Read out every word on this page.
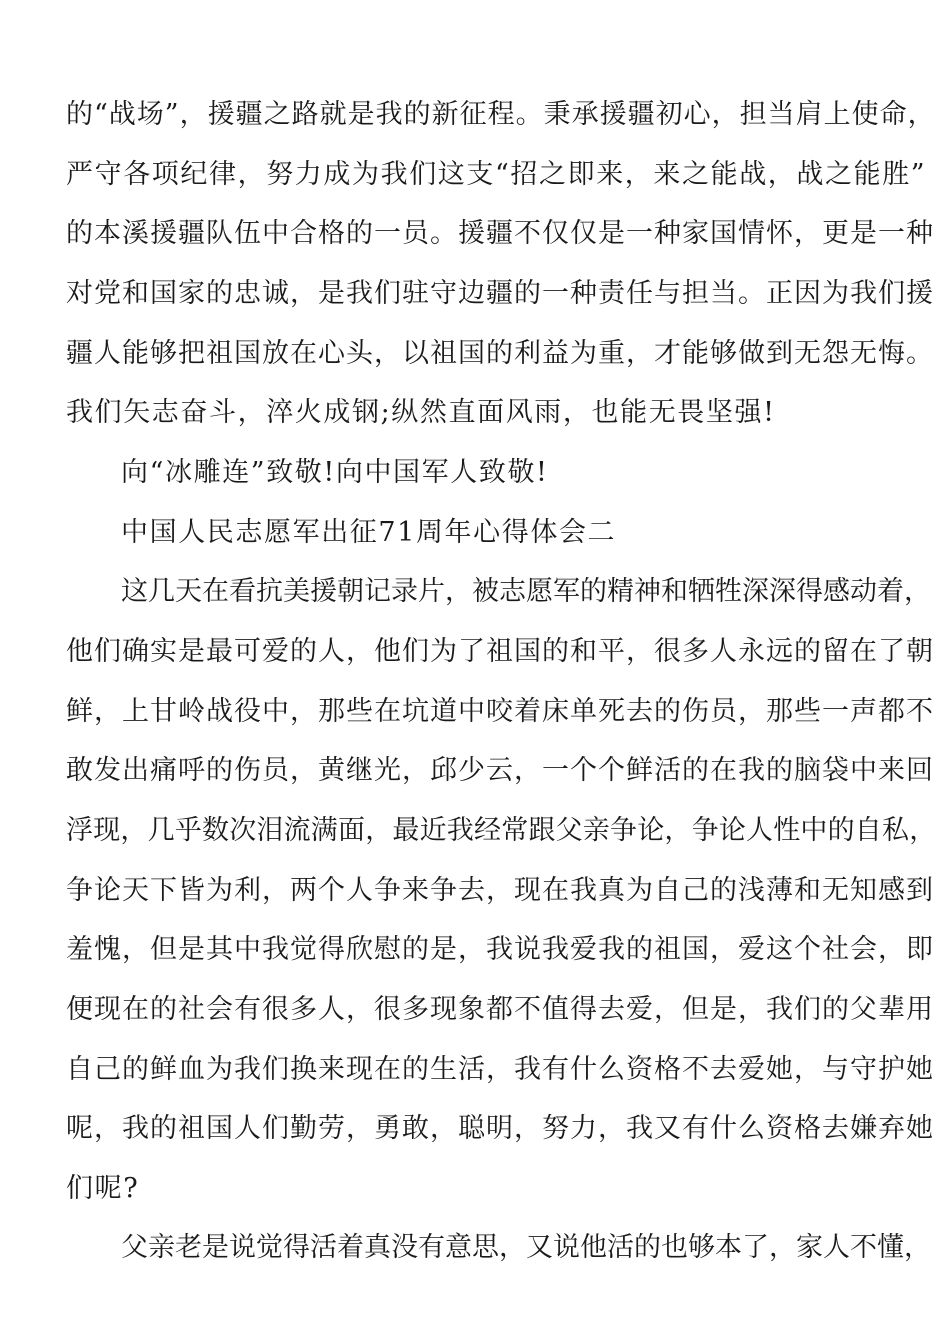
的“战场”，援疆之路就是我的新征程。秉承援疆初心，担当肩上使命，
严守各项纪律，努力成为我们这支“招之即来，来之能战，战之能胜”
的本溪援疆队伍中合格的一员。援疆不仅仅是一种家国情怀，更是一种
对党和国家的忠诚，是我们驻守边疆的一种责任与担当。正因为我们援
疆人能够把祖国放在心头，以祖国的利益为重，才能够做到无怨无悔。
我们矢志奋斗，淬火成钢;纵然直面风雨，也能无畏坚强!
向“冰雕连”致敬!向中国军人致敬!
中国人民志愿军出征71周年心得体会二
这几天在看抗美援朝记录片，被志愿军的精神和牺牲深深得感动着，
他们确实是最可爱的人，他们为了祖国的和平，很多人永远的留在了朝
鲜，上甘岭战役中，那些在坑道中咬着床单死去的伤员，那些一声都不
敢发出痛呼的伤员，黄继光，邱少云，一个个鲜活的在我的脑袋中来回
浮现，几乎数次泪流满面，最近我经常跟父亲争论，争论人性中的自私，
争论天下皆为利，两个人争来争去，现在我真为自己的浅薄和无知感到
羞愧，但是其中我觉得欣慰的是，我说我爱我的祖国，爱这个社会，即
便现在的社会有很多人，很多现象都不值得去爱，但是，我们的父辈用
自己的鲜血为我们换来现在的生活，我有什么资格不去爱她，与守护她
呢，我的祖国人们勤劳，勇敢，聪明，努力，我又有什么资格去嫌弃她
们呢?
父亲老是说觉得活着真没有意思，又说他活的也够本了，家人不懂，
